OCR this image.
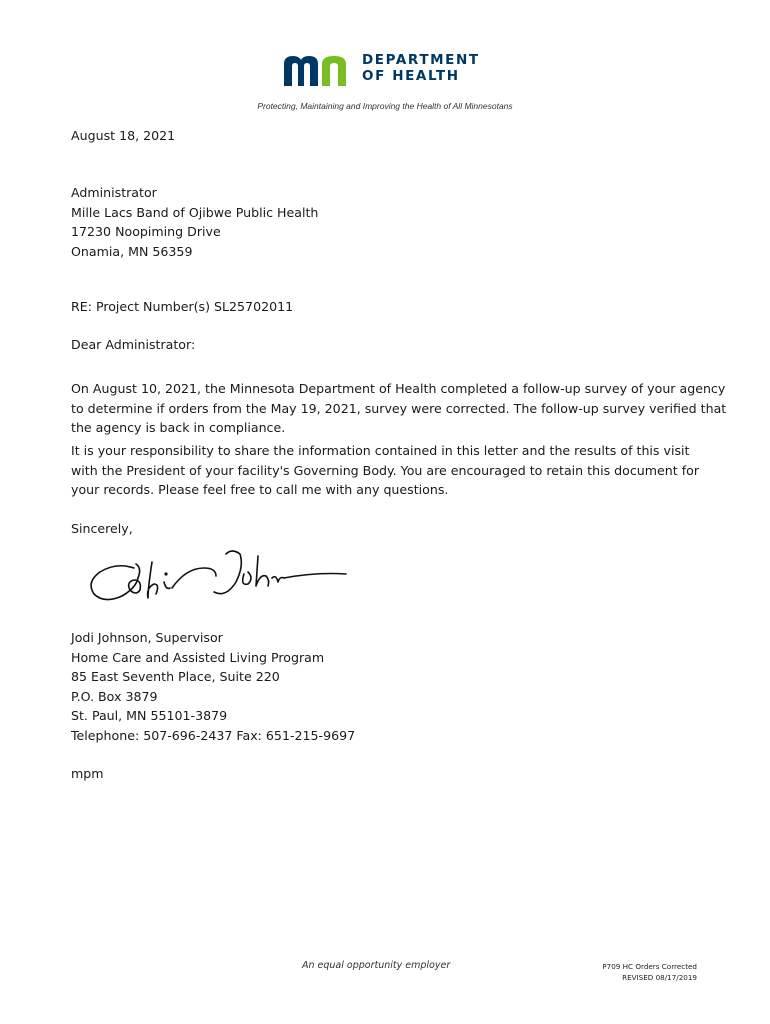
DEPARTMENT
OF HEALTH
Protecting, Maintaining and Improving the Health of All Minnesotans
August 18, 2021
Administrator
Mille Lacs Band of Ojibwe Public Health
17230 Noopiming Drive
Onamia, MN 56359
RE: Project Number(s) SL25702011
Dear Administrator:
On August 10, 2021, the Minnesota Department of Health completed a follow-up survey of your agency
to determine if orders from the May 19, 2021, survey were corrected. The follow-up survey verified that
the agency is back in compliance.
It is your responsibility to share the information contained in this letter and the results of this visit
with the President of your facility's Governing Body. You are encouraged to retain this document for
your records. Please feel free to call me with any questions.
Sincerely,
Jodi Johnson, Supervisor
Home Care and Assisted Living Program
85 East Seventh Place, Suite 220
P.O. Box 3879
St. Paul, MN 55101-3879
Telephone: 507-696-2437 Fax: 651-215-9697
mpm
An equal opportunity employer	P709 HC Orders Corrected
REVISED 08/17/2019
